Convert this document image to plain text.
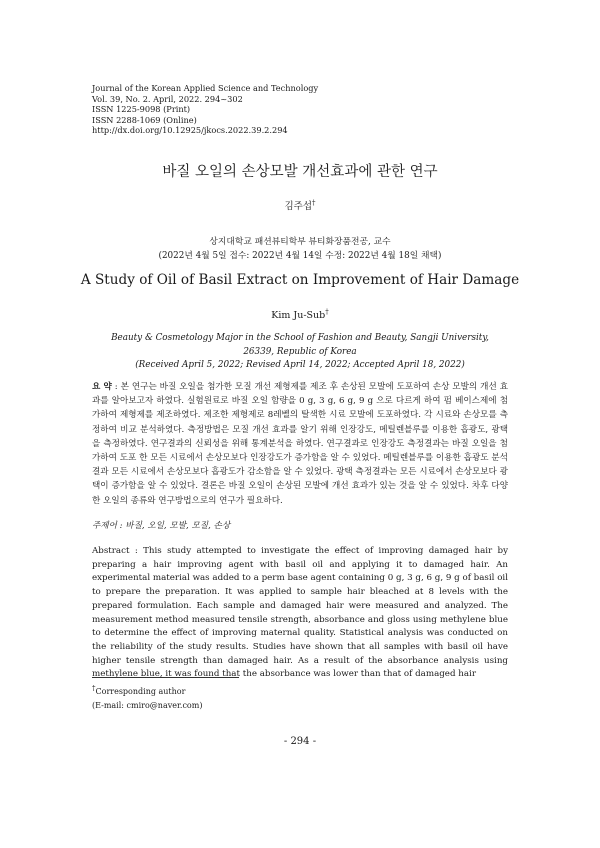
Journal of the Korean Applied Science and Technology
Vol. 39, No. 2. April, 2022. 294~302
ISSN 1225-9098 (Print)
ISSN 2288-1069 (Online)
http://dx.doi.org/10.12925/jkocs.2022.39.2.294
바질 오일의 손상모발 개선효과에 관한 연구
김주섭†
상지대학교 패션뷰티학부 뷰티화장품전공, 교수
(2022년 4월 5일 접수: 2022년 4월 14일 수정: 2022년 4월 18일 채택)
A Study of Oil of Basil Extract on Improvement of Hair Damage
Kim Ju-Sub†
Beauty & Cosmetology Major in the School of Fashion and Beauty, Sangji University,
26339, Republic of Korea
(Received April 5, 2022; Revised April 14, 2022; Accepted April 18, 2022)
요 약 : 본 연구는 바질 오일을 첨가한 모질 개선 제형제를 제조 후 손상된 모발에 도포하여 손상 모발의 개선 효과를 알아보고자 하였다. 실험원료로 바질 오일 함량을 0 g, 3 g, 6 g, 9 g 으로 다르게 하여 펌 베이스제에 첨가하여 제형제를 제조하였다. 제조한 제형제로 8레벨의 탈색한 시료 모발에 도포하였다. 각 시료와 손상모를 측정하여 비교 분석하였다. 측정방법은 모질 개선 효과를 알기 위해 인장강도, 메틸렌블루를 이용한 흡광도, 광택을 측정하였다. 연구결과의 신뢰성을 위해 통계분석을 하였다. 연구결과로 인장강도 측정결과는 바질 오일을 첨가하여 도포 한 모든 시료에서 손상모보다 인장강도가 증가함을 알 수 있었다. 메틸렌블루를 이용한 흡광도 분석결과 모든 시료에서 손상모보다 흡광도가 감소함을 알 수 있었다. 광택 측정결과는 모든 시료에서 손상모보다 광택이 증가함을 알 수 있었다. 결론은 바질 오일이 손상된 모발에 개선 효과가 있는 것을 알 수 있었다. 차후 다양한 오일의 종류와 연구방법으로의 연구가 필요하다.
주제어 : 바질, 오일, 모발, 모질, 손상
Abstract : This study attempted to investigate the effect of improving damaged hair by preparing a hair improving agent with basil oil and applying it to damaged hair. An experimental material was added to a perm base agent containing 0 g, 3 g, 6 g, 9 g of basil oil to prepare the preparation. It was applied to sample hair bleached at 8 levels with the prepared formulation. Each sample and damaged hair were measured and analyzed. The measurement method measured tensile strength, absorbance and gloss using methylene blue to determine the effect of improving maternal quality. Statistical analysis was conducted on the reliability of the study results. Studies have shown that all samples with basil oil have higher tensile strength than damaged hair. As a result of the absorbance analysis using methylene blue, it was found that the absorbance was lower than that of damaged hair
†Corresponding author
(E-mail: cmiro@naver.com)
- 294 -
